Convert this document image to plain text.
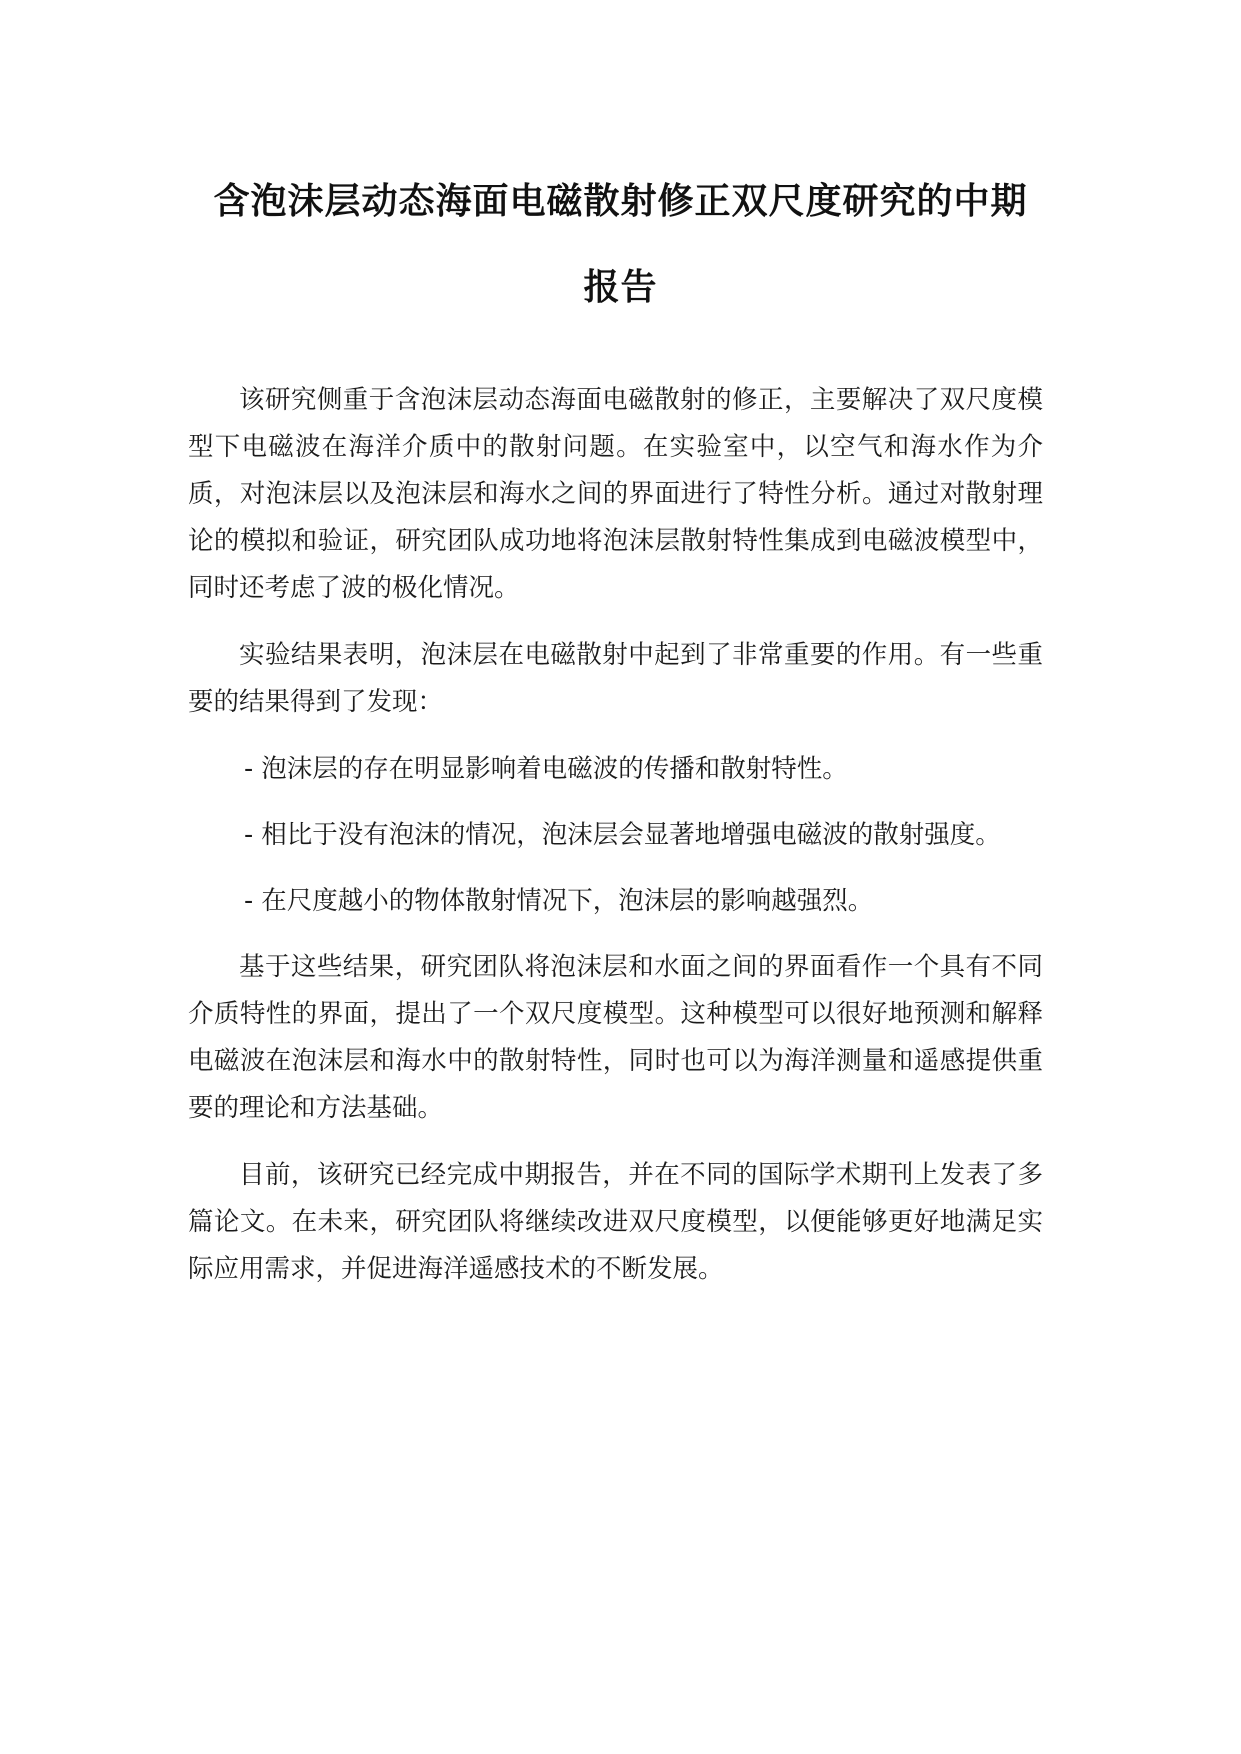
含泡沫层动态海面电磁散射修正双尺度研究的中期
报告

该研究侧重于含泡沫层动态海面电磁散射的修正，主要解决了双尺度模型下电磁波在海洋介质中的散射问题。在实验室中，以空气和海水作为介质，对泡沫层以及泡沫层和海水之间的界面进行了特性分析。通过对散射理论的模拟和验证，研究团队成功地将泡沫层散射特性集成到电磁波模型中，同时还考虑了波的极化情况。

实验结果表明，泡沫层在电磁散射中起到了非常重要的作用。有一些重要的结果得到了发现：

- 泡沫层的存在明显影响着电磁波的传播和散射特性。

- 相比于没有泡沫的情况，泡沫层会显著地增强电磁波的散射强度。

- 在尺度越小的物体散射情况下，泡沫层的影响越强烈。

基于这些结果，研究团队将泡沫层和水面之间的界面看作一个具有不同介质特性的界面，提出了一个双尺度模型。这种模型可以很好地预测和解释电磁波在泡沫层和海水中的散射特性，同时也可以为海洋测量和遥感提供重要的理论和方法基础。

目前，该研究已经完成中期报告，并在不同的国际学术期刊上发表了多篇论文。在未来，研究团队将继续改进双尺度模型，以便能够更好地满足实际应用需求，并促进海洋遥感技术的不断发展。
